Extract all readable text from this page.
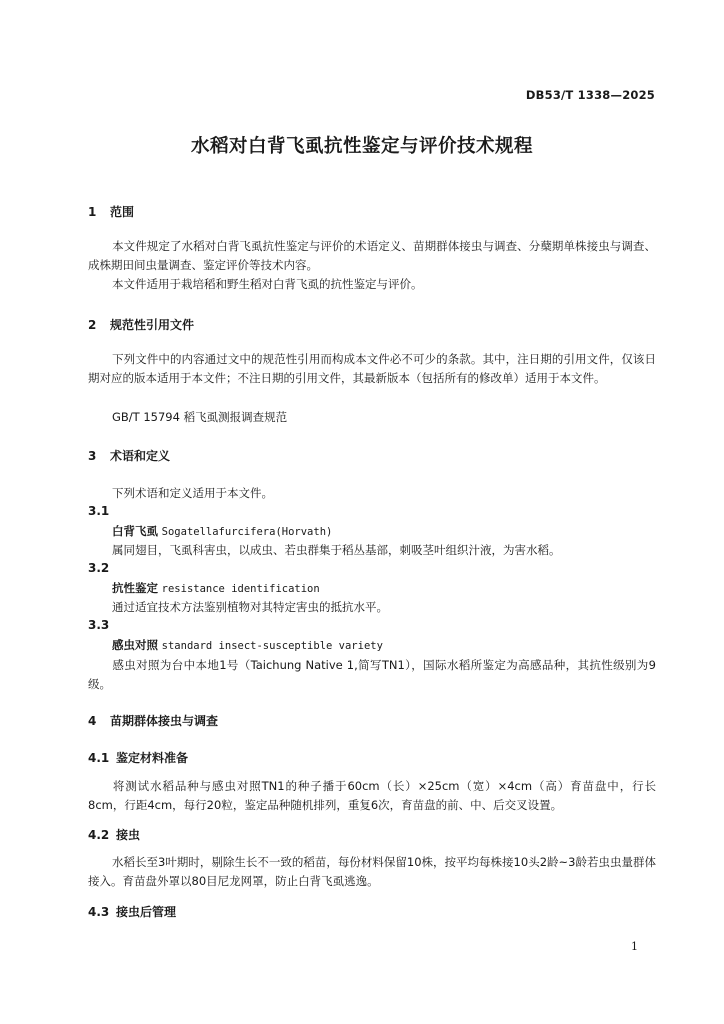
DB53/T 1338—2025
水稻对白背飞虱抗性鉴定与评价技术规程
1 范围
本文件规定了水稻对白背飞虱抗性鉴定与评价的术语定义、苗期群体接虫与调查、分蘖期单株接虫与调查、成株期田间虫量调查、鉴定评价等技术内容。
本文件适用于栽培稻和野生稻对白背飞虱的抗性鉴定与评价。
2 规范性引用文件
下列文件中的内容通过文中的规范性引用而构成本文件必不可少的条款。其中，注日期的引用文件，仅该日期对应的版本适用于本文件；不注日期的引用文件，其最新版本（包括所有的修改单）适用于本文件。
GB/T 15794 稻飞虱测报调查规范
3 术语和定义
下列术语和定义适用于本文件。
3.1
白背飞虱 Sogatellafurcifera(Horvath)
属同翅目，飞虱科害虫，以成虫、若虫群集于稻丛基部，刺吸茎叶组织汁液，为害水稻。
3.2
抗性鉴定 resistance identification
通过适宜技术方法鉴别植物对其特定害虫的抵抗水平。
3.3
感虫对照 standard insect-susceptible variety
感虫对照为台中本地1号（Taichung Native 1,简写TN1），国际水稻所鉴定为高感品种，其抗性级别为9级。
4 苗期群体接虫与调查
4.1 鉴定材料准备
将测试水稻品种与感虫对照TN1的种子播于60cm（长）×25cm（宽）×4cm（高）育苗盘中，行长8cm，行距4cm，每行20粒，鉴定品种随机排列，重复6次，育苗盘的前、中、后交叉设置。
4.2 接虫
水稻长至3叶期时，剔除生长不一致的稻苗，每份材料保留10株，按平均每株接10头2龄~3龄若虫虫量群体接入。育苗盘外罩以80目尼龙网罩，防止白背飞虱逃逸。
4.3 接虫后管理
1
